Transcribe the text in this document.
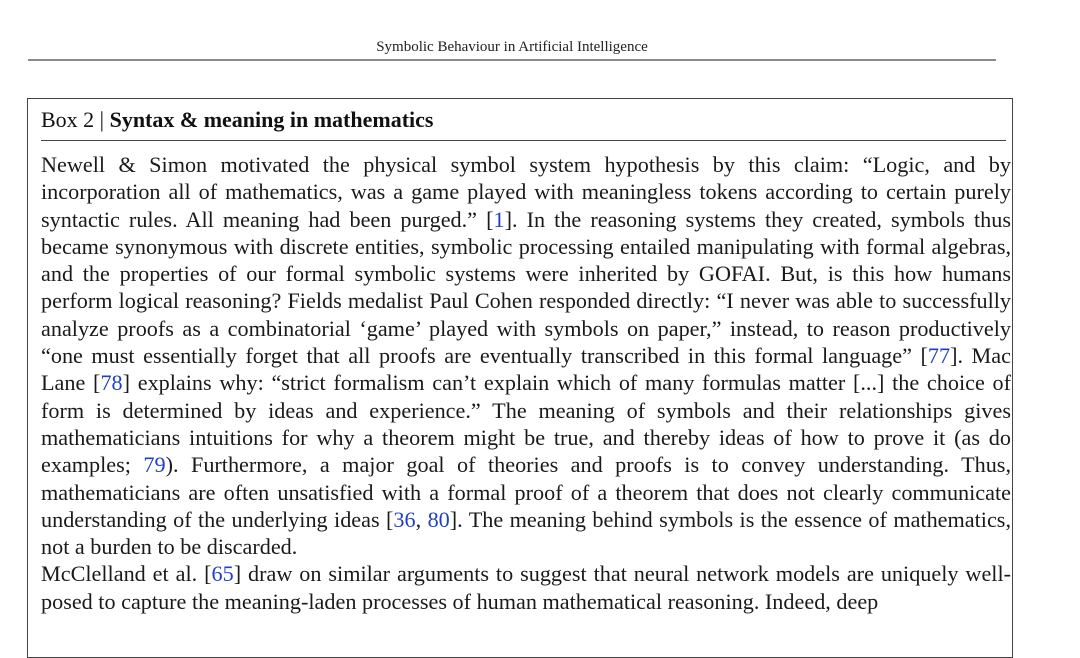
Symbolic Behaviour in Artificial Intelligence
Box 2 | Syntax & meaning in mathematics

Newell & Simon motivated the physical symbol system hypothesis by this claim: “Logic, and by incorporation all of mathematics, was a game played with meaningless tokens according to certain purely syntactic rules. All meaning had been purged.” [1]. In the reasoning systems they created, symbols thus became synonymous with discrete entities, symbolic processing entailed manipulating with formal algebras, and the properties of our formal symbolic systems were inherited by GOFAI. But, is this how humans perform logical reasoning? Fields medalist Paul Cohen responded directly: “I never was able to successfully analyze proofs as a combinatorial ‘game’ played with symbols on paper,” instead, to reason productively “one must essentially forget that all proofs are eventually transcribed in this formal language” [77]. Mac Lane [78] explains why: “strict formalism can’t explain which of many formulas matter [...] the choice of form is determined by ideas and experience.” The meaning of symbols and their relationships gives mathematicians intuitions for why a theorem might be true, and thereby ideas of how to prove it (as do examples; 79). Furthermore, a major goal of theories and proofs is to convey understanding. Thus, mathematicians are often unsatisfied with a formal proof of a theorem that does not clearly communicate understanding of the underlying ideas [36, 80]. The meaning behind symbols is the essence of mathematics, not a burden to be discarded.

McClelland et al. [65] draw on similar arguments to suggest that neural network models are uniquely well-posed to capture the meaning-laden processes of human mathematical reasoning. Indeed, deep
